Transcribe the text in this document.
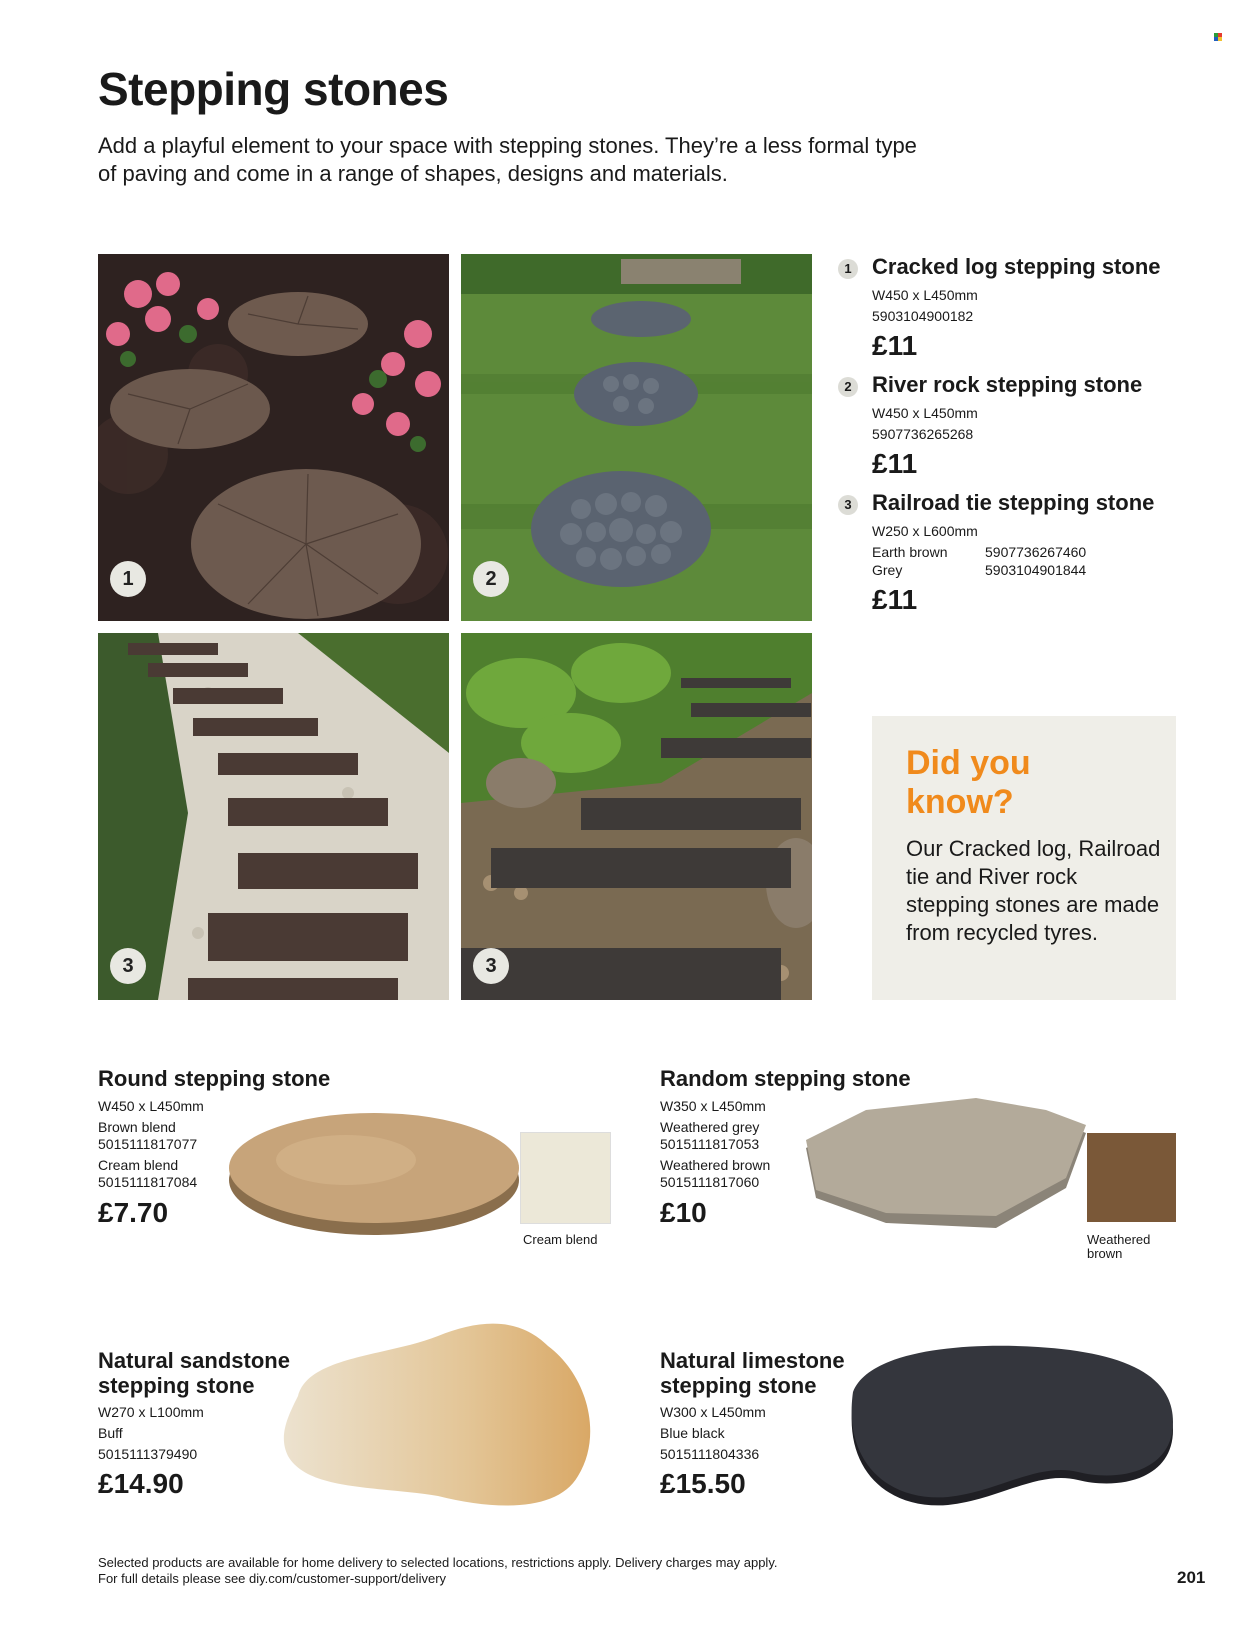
Stepping stones

Add a playful element to your space with stepping stones. They’re a less formal type of paving and come in a range of shapes, designs and materials.

1	2
3	3
1 Cracked log stepping stone
W450 x L450mm
5903104900182
£11
2 River rock stepping stone
W450 x L450mm
5907736265268
£11
3 Railroad tie stepping stone
W250 x L600mm
Earth brown	5907736267460
Grey	5903104901844
£11
Did you
know?
Our Cracked log, Railroad tie and River rock stepping stones are made from recycled tyres.
Round stepping stone
W450 x L450mm
Brown blend
5015111817077
Cream blend
5015111817084
£7.70
Cream blend
Random stepping stone
W350 x L450mm
Weathered grey
5015111817053
Weathered brown
5015111817060
£10
Weathered
brown
Natural sandstone
stepping stone
W270 x L100mm
Buff
5015111379490
£14.90
Natural limestone
stepping stone
W300 x L450mm
Blue black
5015111804336
£15.50
Selected products are available for home delivery to selected locations, restrictions apply. Delivery charges may apply.
For full details please see diy.com/customer-support/delivery	201
